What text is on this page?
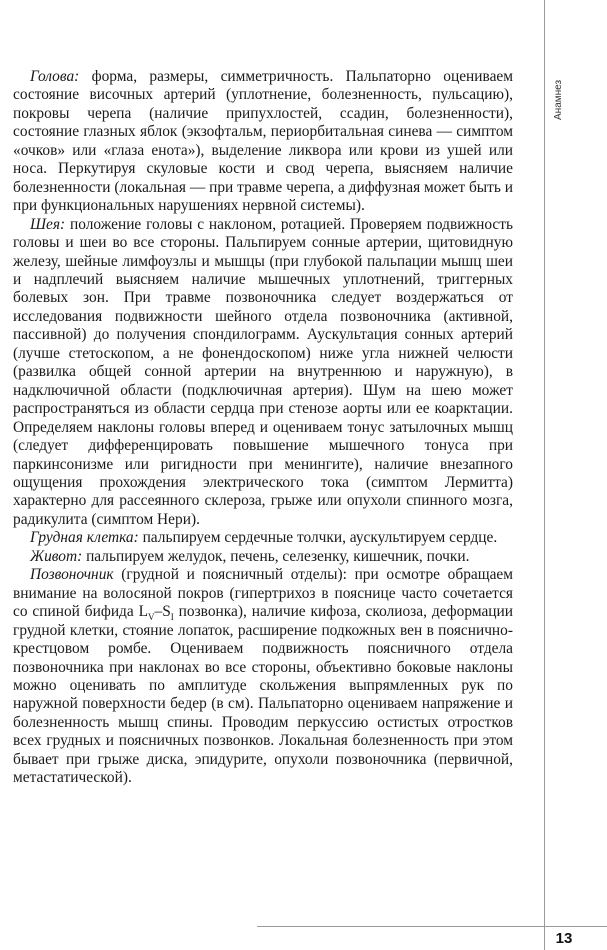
Анамнез
13

Голова: форма, размеры, симметричность. Пальпаторно оцениваем состояние височных артерий (уплотнение, болезненность, пульсацию), покровы черепа (наличие припухлостей, ссадин, болезненности), состояние глазных яблок (экзофтальм, периорбитальная синева — симптом «очков» или «глаза енота»), выделение ликвора или крови из ушей или носа. Перкутируя скуловые кости и свод черепа, выясняем наличие болезненности (локальная — при травме черепа, а диффузная может быть и при функциональных нарушениях нервной системы).

Шея: положение головы с наклоном, ротацией. Проверяем подвижность головы и шеи во все стороны. Пальпируем сонные артерии, щитовидную железу, шейные лимфоузлы и мышцы (при глубокой пальпации мышц шеи и надплечий выясняем наличие мышечных уплотнений, триггерных болевых зон. При травме позвоночника следует воздержаться от исследования подвижности шейного отдела позвоночника (активной, пассивной) до получения спондилограмм. Аускультация сонных артерий (лучше стетоскопом, а не фонендоскопом) ниже угла нижней челюсти (развилка общей сонной артерии на внутреннюю и наружную), в надключичной области (подключичная артерия). Шум на шею может распространяться из области сердца при стенозе аорты или ее коарктации. Определяем наклоны головы вперед и оцениваем тонус затылочных мышц (следует дифференцировать повышение мышечного тонуса при паркинсонизме или ригидности при менингите), наличие внезапного ощущения прохождения электрического тока (симптом Лермитта) характерно для рассеянного склероза, грыже или опухоли спинного мозга, радикулита (симптом Нери).

Грудная клетка: пальпируем сердечные толчки, аускультируем сердце.

Живот: пальпируем желудок, печень, селезенку, кишечник, почки.

Позвоночник (грудной и поясничный отделы): при осмотре обращаем внимание на волосяной покров (гипертрихоз в пояснице часто сочетается со спиной бифида $L_V-S_I$ позвонка), наличие кифоза, сколиоза, деформации грудной клетки, стояние лопаток, расширение подкожных вен в пояснично-крестцовом ромбе. Оцениваем подвижность поясничного отдела позвоночника при наклонах во все стороны, объективно боковые наклоны можно оценивать по амплитуде скольжения выпрямленных рук по наружной поверхности бедер (в см). Пальпаторно оцениваем напряжение и болезненность мышц спины. Проводим перкуссию остистых отростков всех грудных и поясничных позвонков. Локальная болезненность при этом бывает при грыже диска, эпидурите, опухоли позвоночника (первичной, метастатической).
